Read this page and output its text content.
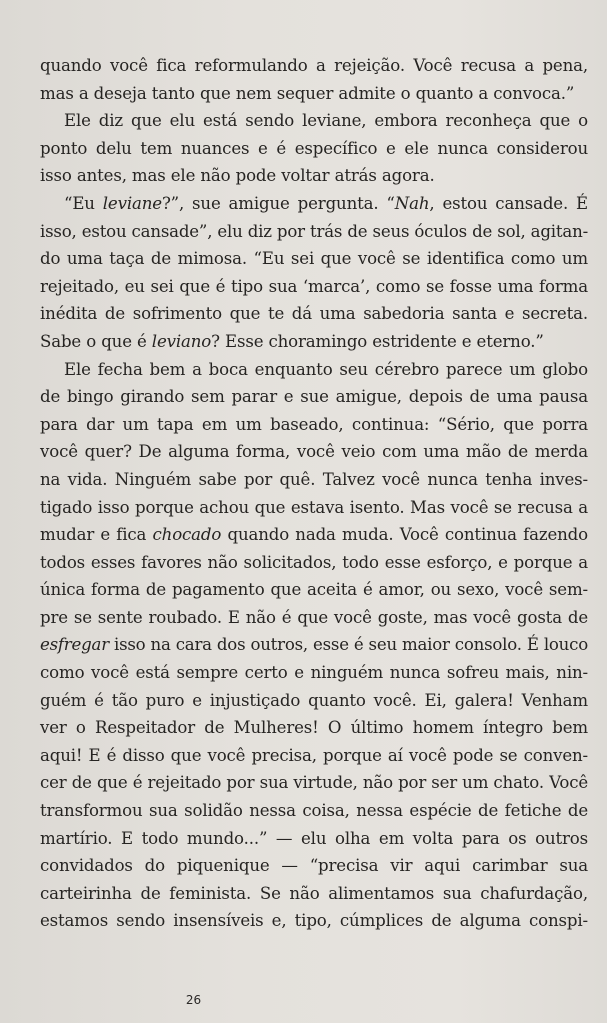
quando você fica reformulando a rejeição. Você recusa a pena,
mas a deseja tanto que nem sequer admite o quanto a convoca.”
Ele diz que elu está sendo leviane, embora reconheça que o
ponto delu tem nuances e é específico e ele nunca considerou
isso antes, mas ele não pode voltar atrás agora.
“Eu leviane?”, sue amigue pergunta. “Nah, estou cansade. É
isso, estou cansade”, elu diz por trás de seus óculos de sol, agitan-
do uma taça de mimosa. “Eu sei que você se identifica como um
rejeitado, eu sei que é tipo sua ‘marca’, como se fosse uma forma
inédita de sofrimento que te dá uma sabedoria santa e secreta.
Sabe o que é leviano? Esse choramingo estridente e eterno.”
Ele fecha bem a boca enquanto seu cérebro parece um globo
de bingo girando sem parar e sue amigue, depois de uma pausa
para dar um tapa em um baseado, continua: “Sério, que porra
você quer? De alguma forma, você veio com uma mão de merda
na vida. Ninguém sabe por quê. Talvez você nunca tenha inves-
tigado isso porque achou que estava isento. Mas você se recusa a
mudar e fica chocado quando nada muda. Você continua fazendo
todos esses favores não solicitados, todo esse esforço, e porque a
única forma de pagamento que aceita é amor, ou sexo, você sem-
pre se sente roubado. E não é que você goste, mas você gosta de
esfregar isso na cara dos outros, esse é seu maior consolo. É louco
como você está sempre certo e ninguém nunca sofreu mais, nin-
guém é tão puro e injustiçado quanto você. Ei, galera! Venham
ver o Respeitador de Mulheres! O último homem íntegro bem
aqui! E é disso que você precisa, porque aí você pode se conven-
cer de que é rejeitado por sua virtude, não por ser um chato. Você
transformou sua solidão nessa coisa, nessa espécie de fetiche de
martírio. E todo mundo...” — elu olha em volta para os outros
convidados do piquenique — “precisa vir aqui carimbar sua
carteirinha de feminista. Se não alimentamos sua chafurdação,
estamos sendo insensíveis e, tipo, cúmplices de alguma conspi-
26
